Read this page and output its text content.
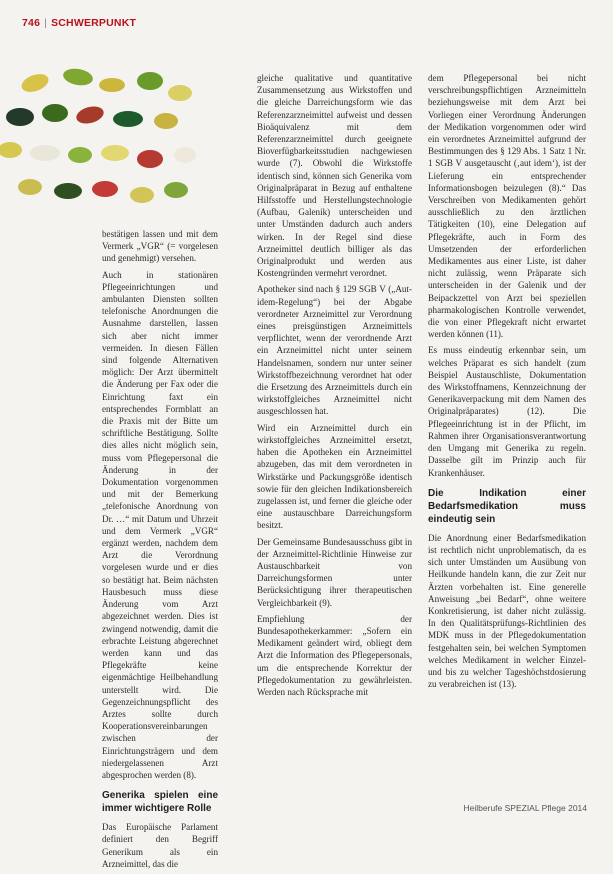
746 | SCHWERPUNKT

bestätigen lassen und mit dem Vermerk „VGR“ (= vorgelesen und genehmigt) versehen.

Auch in stationären Pflegeeinrichtungen und ambulanten Diensten sollten telefonische Anordnungen die Ausnahme darstellen, lassen sich aber nicht immer vermeiden. In diesen Fällen sind folgende Alternativen möglich: Der Arzt übermittelt die Änderung per Fax oder die Einrichtung faxt ein entsprechendes Formblatt an die Praxis mit der Bitte um schriftliche Bestätigung. Sollte dies alles nicht möglich sein, muss vom Pflegepersonal die Änderung in der Dokumentation vorgenommen und mit der Bemerkung „telefonische Anordnung von Dr. …“ mit Datum und Uhrzeit und dem Vermerk „VGR“ ergänzt werden, nachdem dem Arzt die Verordnung vorgelesen wurde und er dies so bestätigt hat. Beim nächsten Hausbesuch muss diese Änderung vom Arzt abgezeichnet werden. Dies ist zwingend notwendig, damit die erbrachte Leistung abgerechnet werden kann und das Pflegekräfte keine eigenmächtige Heilbehandlung unterstellt wird. Die Gegenzeichnungspflicht des Arztes sollte durch Kooperationsvereinbarungen zwischen der Einrichtungsträgern und dem niedergelassenen Arzt abgesprochen werden (8).

Generika spielen eine immer wichtigere Rolle

Das Europäische Parlament definiert den Begriff Generikum als ein Arzneimittel, das die

gleiche qualitative und quantitative Zusammensetzung aus Wirkstoffen und die gleiche Darreichungsform wie das Referenzarzneimittel aufweist und dessen Bioäquivalenz mit dem Referenzarzneimittel durch geeignete Bioverfügbarkeitsstudien nachgewiesen wurde (7). Obwohl die Wirkstoffe identisch sind, können sich Generika vom Originalpräparat in Bezug auf enthaltene Hilfsstoffe und Herstellungstechnologie (Aufbau, Galenik) unterscheiden und unter Umständen dadurch auch anders wirken. In der Regel sind diese Arzneimittel deutlich billiger als das Originalprodukt und werden aus Kostengründen vermehrt verordnet.

Apotheker sind nach § 129 SGB V („Aut-idem-Regelung“) bei der Abgabe verordneter Arzneimittel zur Verordnung eines preisgünstigen Arzneimittels verpflichtet, wenn der verordnende Arzt ein Arzneimittel nicht unter seinem Handelsnamen, sondern nur unter seiner Wirkstoffbezeichnung verordnet hat oder die Ersetzung des Arzneimittels durch ein wirkstoffgleiches Arzneimittel nicht ausgeschlossen hat.

Wird ein Arzneimittel durch ein wirkstoffgleiches Arzneimittel ersetzt, haben die Apotheken ein Arzneimittel abzugeben, das mit dem verordneten in Wirkstärke und Packungsgröße identisch sowie für den gleichen Indikationsbereich zugelassen ist, und ferner die gleiche oder eine austauschbare Darreichungsform besitzt.

Der Gemeinsame Bundesausschuss gibt in der Arzneimittel-Richtlinie Hinweise zur Austauschbarkeit von Darreichungsformen unter Berücksichtigung ihrer therapeutischen Vergleichbarkeit (9).

Empfiehlung der Bundesapothekerkammer: „Sofern ein Medikament geändert wird, obliegt dem Arzt die Information des Pflegepersonals, um die entsprechende Korrektur der Pflegedokumentation zu gewährleisten. Werden nach Rücksprache mit

dem Pflegepersonal bei nicht verschreibungspflichtigen Arzneimitteln beziehungsweise mit dem Arzt bei Vorliegen einer Verordnung Änderungen der Medikation vorgenommen oder wird ein verordnetes Arzneimittel aufgrund der Bestimmungen des § 129 Abs. 1 Satz 1 Nr. 1 SGB V ausgetauscht (‚aut idem‘), ist der Lieferung ein entsprechender Informationsbogen beizulegen (8).“ Das Verschreiben von Medikamenten gehört ausschließlich zu den ärztlichen Tätigkeiten (10), eine Delegation auf Pflegekräfte, auch in Form des Umsetzenden der erforderlichen Medikamentes aus einer Liste, ist daher nicht zulässig, wenn Präparate sich unterscheiden in der Galenik und der Beipackzettel von Arzt bei speziellen pharmakologischen Kontrolle verwendet, die von einer Pflegekraft nicht erwartet werden können (11).

Es muss eindeutig erkennbar sein, um welches Präparat es sich handelt (zum Beispiel Austauschliste, Dokumentation des Wirkstoffnamens, Kennzeichnung der Generikaverpackung mit dem Namen des Originalpräparates) (12). Die Pflegeeinrichtung ist in der Pflicht, im Rahmen ihrer Organisationsverantwortung den Umgang mit Generika zu regeln. Dasselbe gilt im Prinzip auch für Krankenhäuser.

Die Indikation einer Bedarfsmedikation muss eindeutig sein

Die Anordnung einer Bedarfsmedikation ist rechtlich nicht unproblematisch, da es sich unter Umständen um Ausübung von Heilkunde handeln kann, die zur Zeit nur Ärzten vorbehalten ist. Eine generelle Anweisung „bei Bedarf“, ohne weitere Konkretisierung, ist daher nicht zulässig. In den Qualitätsprüfungs-Richtlinien des MDK muss in der Pflegedokumentation festgehalten sein, bei welchen Symptomen welches Medikament in welcher Einzel- und bis zu welcher Tageshöchstdosierung zu verabreichen ist (13).

Heilberufe SPEZIAL Pflege 2014
